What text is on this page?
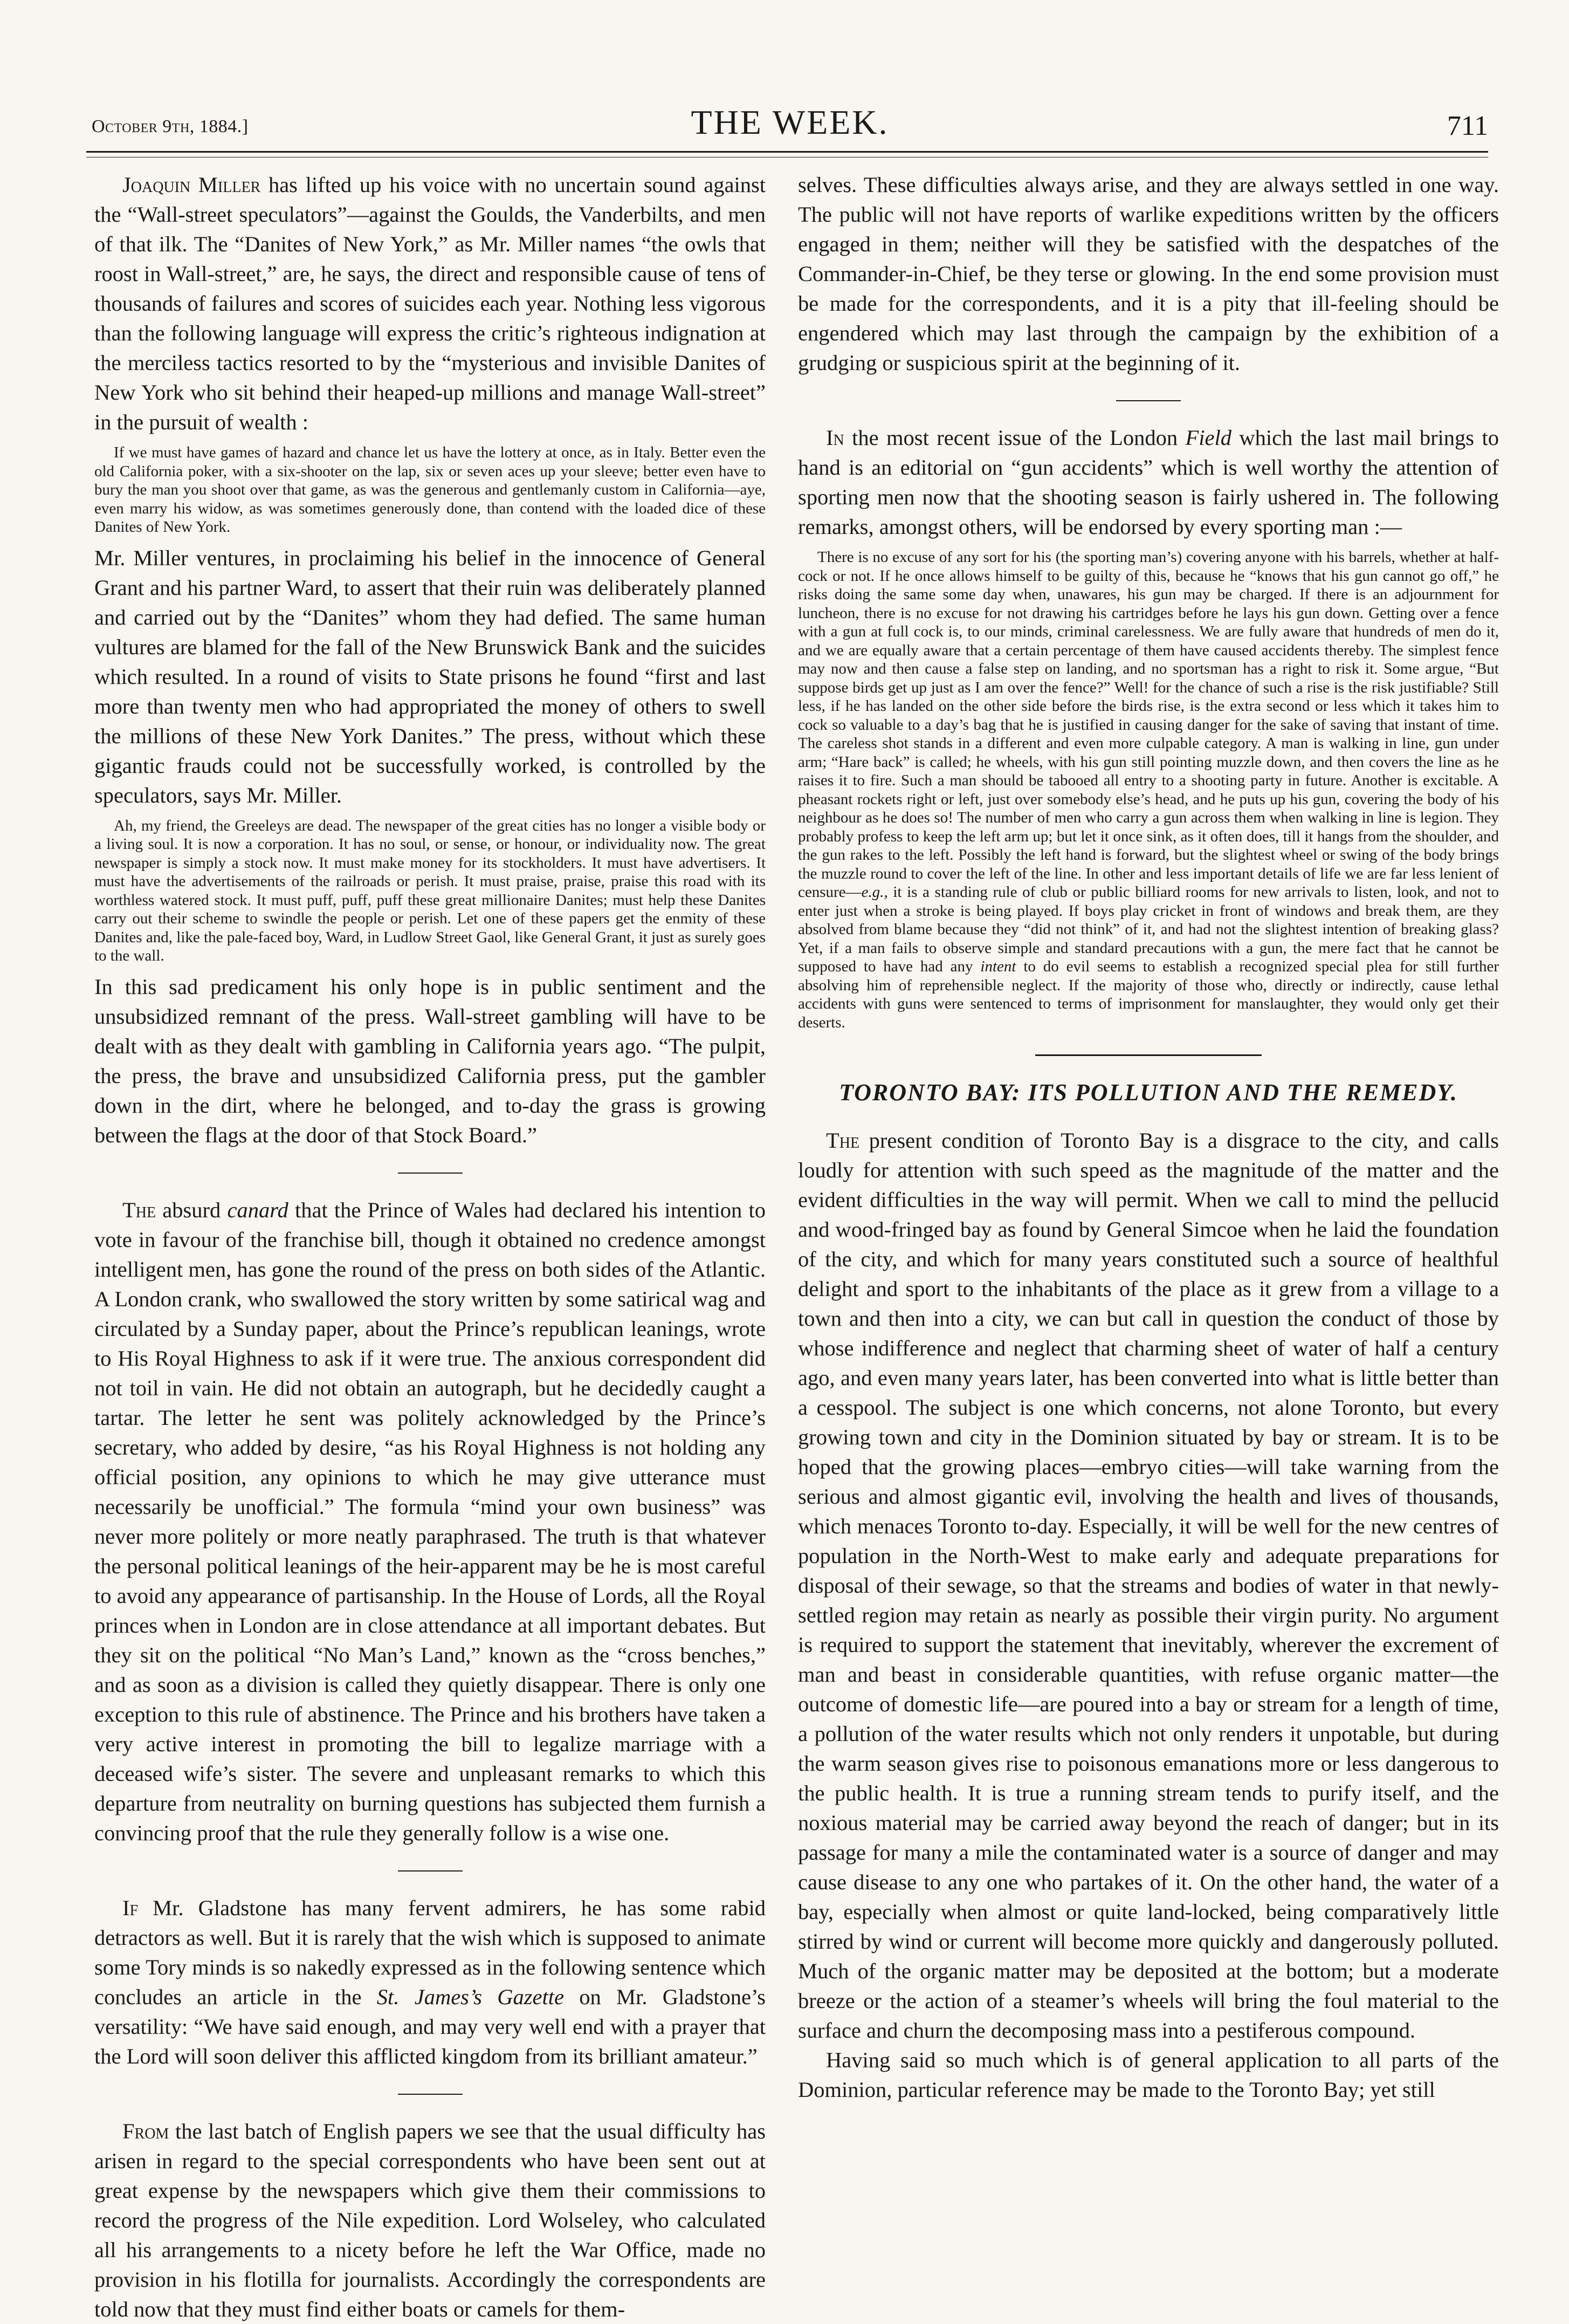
October 9th, 1884.]	THE WEEK.	711

Joaquin Miller has lifted up his voice with no uncertain sound against the “Wall-street speculators”—against the Goulds, the Vanderbilts, and men of that ilk. The “Danites of New York,” as Mr. Miller names “the owls that roost in Wall-street,” are, he says, the direct and responsible cause of tens of thousands of failures and scores of suicides each year. Nothing less vigorous than the following language will express the critic’s righteous indignation at the merciless tactics resorted to by the “mysterious and invisible Danites of New York who sit behind their heaped-up millions and manage Wall-street” in the pursuit of wealth :

If we must have games of hazard and chance let us have the lottery at once, as in Italy. Better even the old California poker, with a six-shooter on the lap, six or seven aces up your sleeve; better even have to bury the man you shoot over that game, as was the generous and gentlemanly custom in California—aye, even marry his widow, as was sometimes generously done, than contend with the loaded dice of these Danites of New York.

Mr. Miller ventures, in proclaiming his belief in the innocence of General Grant and his partner Ward, to assert that their ruin was deliberately planned and carried out by the “Danites” whom they had defied. The same human vultures are blamed for the fall of the New Brunswick Bank and the suicides which resulted. In a round of visits to State prisons he found “first and last more than twenty men who had appropriated the money of others to swell the millions of these New York Danites.” The press, without which these gigantic frauds could not be successfully worked, is controlled by the speculators, says Mr. Miller.

Ah, my friend, the Greeleys are dead. The newspaper of the great cities has no longer a visible body or a living soul. It is now a corporation. It has no soul, or sense, or honour, or individuality now. The great newspaper is simply a stock now. It must make money for its stockholders. It must have advertisers. It must have the advertisements of the railroads or perish. It must praise, praise, praise this road with its worthless watered stock. It must puff, puff, puff these great millionaire Danites; must help these Danites carry out their scheme to swindle the people or perish. Let one of these papers get the enmity of these Danites and, like the pale-faced boy, Ward, in Ludlow Street Gaol, like General Grant, it just as surely goes to the wall.

In this sad predicament his only hope is in public sentiment and the unsubsidized remnant of the press. Wall-street gambling will have to be dealt with as they dealt with gambling in California years ago. “The pulpit, the press, the brave and unsubsidized California press, put the gambler down in the dirt, where he belonged, and to-day the grass is growing between the flags at the door of that Stock Board.”

The absurd canard that the Prince of Wales had declared his intention to vote in favour of the franchise bill, though it obtained no credence amongst intelligent men, has gone the round of the press on both sides of the Atlantic. A London crank, who swallowed the story written by some satirical wag and circulated by a Sunday paper, about the Prince’s republican leanings, wrote to His Royal Highness to ask if it were true. The anxious correspondent did not toil in vain. He did not obtain an autograph, but he decidedly caught a tartar. The letter he sent was politely acknowledged by the Prince’s secretary, who added by desire, “as his Royal Highness is not holding any official position, any opinions to which he may give utterance must necessarily be unofficial.” The formula “mind your own business” was never more politely or more neatly paraphrased. The truth is that whatever the personal political leanings of the heir-apparent may be he is most careful to avoid any appearance of partisanship. In the House of Lords, all the Royal princes when in London are in close attendance at all important debates. But they sit on the political “No Man’s Land,” known as the “cross benches,” and as soon as a division is called they quietly disappear. There is only one exception to this rule of abstinence. The Prince and his brothers have taken a very active interest in promoting the bill to legalize marriage with a deceased wife’s sister. The severe and unpleasant remarks to which this departure from neutrality on burning questions has subjected them furnish a convincing proof that the rule they generally follow is a wise one.

If Mr. Gladstone has many fervent admirers, he has some rabid detractors as well. But it is rarely that the wish which is supposed to animate some Tory minds is so nakedly expressed as in the following sentence which concludes an article in the St. James’s Gazette on Mr. Gladstone’s versatility: “We have said enough, and may very well end with a prayer that the Lord will soon deliver this afflicted kingdom from its brilliant amateur.”

From the last batch of English papers we see that the usual difficulty has arisen in regard to the special correspondents who have been sent out at great expense by the newspapers which give them their commissions to record the progress of the Nile expedition. Lord Wolseley, who calculated all his arrangements to a nicety before he left the War Office, made no provision in his flotilla for journalists. Accordingly the correspondents are told now that they must find either boats or camels for them-

selves. These difficulties always arise, and they are always settled in one way. The public will not have reports of warlike expeditions written by the officers engaged in them; neither will they be satisfied with the despatches of the Commander-in-Chief, be they terse or glowing. In the end some provision must be made for the correspondents, and it is a pity that ill-feeling should be engendered which may last through the campaign by the exhibition of a grudging or suspicious spirit at the beginning of it.

In the most recent issue of the London Field which the last mail brings to hand is an editorial on “gun accidents” which is well worthy the attention of sporting men now that the shooting season is fairly ushered in. The following remarks, amongst others, will be endorsed by every sporting man :—

There is no excuse of any sort for his (the sporting man’s) covering anyone with his barrels, whether at half-cock or not. If he once allows himself to be guilty of this, because he “knows that his gun cannot go off,” he risks doing the same some day when, unawares, his gun may be charged. If there is an adjournment for luncheon, there is no excuse for not drawing his cartridges before he lays his gun down. Getting over a fence with a gun at full cock is, to our minds, criminal carelessness. We are fully aware that hundreds of men do it, and we are equally aware that a certain percentage of them have caused accidents thereby. The simplest fence may now and then cause a false step on landing, and no sportsman has a right to risk it. Some argue, “But suppose birds get up just as I am over the fence?” Well! for the chance of such a rise is the risk justifiable? Still less, if he has landed on the other side before the birds rise, is the extra second or less which it takes him to cock so valuable to a day’s bag that he is justified in causing danger for the sake of saving that instant of time. The careless shot stands in a different and even more culpable category. A man is walking in line, gun under arm; “Hare back” is called; he wheels, with his gun still pointing muzzle down, and then covers the line as he raises it to fire. Such a man should be tabooed all entry to a shooting party in future. Another is excitable. A pheasant rockets right or left, just over somebody else’s head, and he puts up his gun, covering the body of his neighbour as he does so! The number of men who carry a gun across them when walking in line is legion. They probably profess to keep the left arm up; but let it once sink, as it often does, till it hangs from the shoulder, and the gun rakes to the left. Possibly the left hand is forward, but the slightest wheel or swing of the body brings the muzzle round to cover the left of the line. In other and less important details of life we are far less lenient of censure—e.g., it is a standing rule of club or public billiard rooms for new arrivals to listen, look, and not to enter just when a stroke is being played. If boys play cricket in front of windows and break them, are they absolved from blame because they “did not think” of it, and had not the slightest intention of breaking glass? Yet, if a man fails to observe simple and standard precautions with a gun, the mere fact that he cannot be supposed to have had any intent to do evil seems to establish a recognized special plea for still further absolving him of reprehensible neglect. If the majority of those who, directly or indirectly, cause lethal accidents with guns were sentenced to terms of imprisonment for manslaughter, they would only get their deserts.

TORONTO BAY: ITS POLLUTION AND THE REMEDY.

The present condition of Toronto Bay is a disgrace to the city, and calls loudly for attention with such speed as the magnitude of the matter and the evident difficulties in the way will permit. When we call to mind the pellucid and wood-fringed bay as found by General Simcoe when he laid the foundation of the city, and which for many years constituted such a source of healthful delight and sport to the inhabitants of the place as it grew from a village to a town and then into a city, we can but call in question the conduct of those by whose indifference and neglect that charming sheet of water of half a century ago, and even many years later, has been converted into what is little better than a cesspool. The subject is one which concerns, not alone Toronto, but every growing town and city in the Dominion situated by bay or stream. It is to be hoped that the growing places—embryo cities—will take warning from the serious and almost gigantic evil, involving the health and lives of thousands, which menaces Toronto to-day. Especially, it will be well for the new centres of population in the North-West to make early and adequate preparations for disposal of their sewage, so that the streams and bodies of water in that newly-settled region may retain as nearly as possible their virgin purity. No argument is required to support the statement that inevitably, wherever the excrement of man and beast in considerable quantities, with refuse organic matter—the outcome of domestic life—are poured into a bay or stream for a length of time, a pollution of the water results which not only renders it unpotable, but during the warm season gives rise to poisonous emanations more or less dangerous to the public health. It is true a running stream tends to purify itself, and the noxious material may be carried away beyond the reach of danger; but in its passage for many a mile the contaminated water is a source of danger and may cause disease to any one who partakes of it. On the other hand, the water of a bay, especially when almost or quite land-locked, being comparatively little stirred by wind or current will become more quickly and dangerously polluted. Much of the organic matter may be deposited at the bottom; but a moderate breeze or the action of a steamer’s wheels will bring the foul material to the surface and churn the decomposing mass into a pestiferous compound.

Having said so much which is of general application to all parts of the Dominion, particular reference may be made to the Toronto Bay; yet still
